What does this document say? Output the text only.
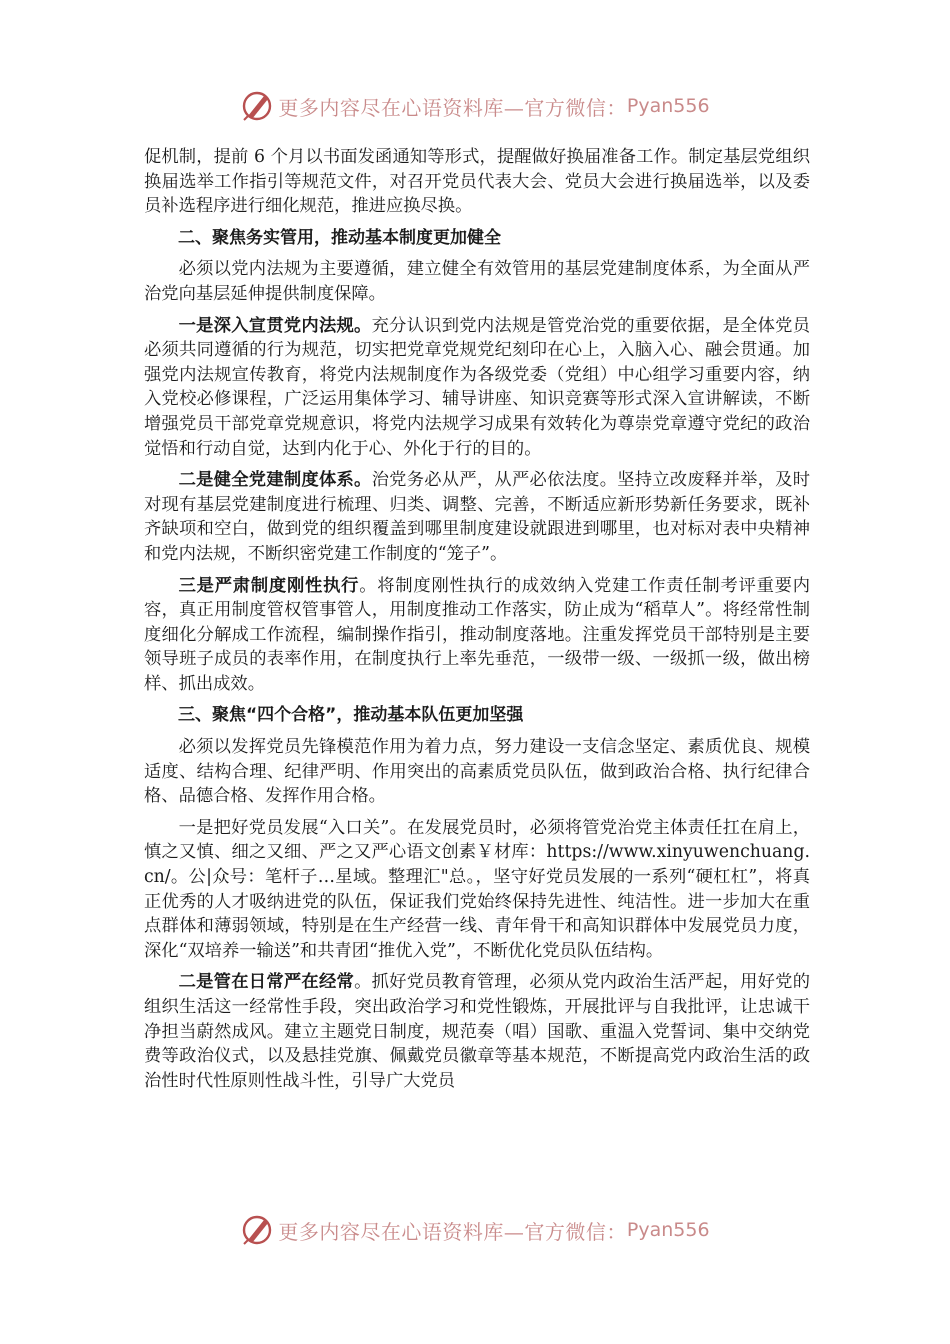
更多内容尽在心语资料库—官方微信： Pyan556

促机制，提前 6 个月以书面发函通知等形式，提醒做好换届准备工作。制定基层党组织换届选举工作指引等规范文件，对召开党员代表大会、党员大会进行换届选举，以及委员补选程序进行细化规范，推进应换尽换。

二、聚焦务实管用，推动基本制度更加健全

必须以党内法规为主要遵循，建立健全有效管用的基层党建制度体系，为全面从严治党向基层延伸提供制度保障。

一是深入宣贯党内法规。充分认识到党内法规是管党治党的重要依据，是全体党员必须共同遵循的行为规范，切实把党章党规党纪刻印在心上，入脑入心、融会贯通。加强党内法规宣传教育，将党内法规制度作为各级党委（党组）中心组学习重要内容，纳入党校必修课程，广泛运用集体学习、辅导讲座、知识竞赛等形式深入宣讲解读，不断增强党员干部党章党规意识，将党内法规学习成果有效转化为尊崇党章遵守党纪的政治觉悟和行动自觉，达到内化于心、外化于行的目的。

二是健全党建制度体系。治党务必从严，从严必依法度。坚持立改废释并举，及时对现有基层党建制度进行梳理、归类、调整、完善，不断适应新形势新任务要求，既补齐缺项和空白，做到党的组织覆盖到哪里制度建设就跟进到哪里，也对标对表中央精神和党内法规，不断织密党建工作制度的“笼子”。

三是严肃制度刚性执行。将制度刚性执行的成效纳入党建工作责任制考评重要内容，真正用制度管权管事管人，用制度推动工作落实，防止成为“稻草人”。将经常性制度细化分解成工作流程，编制操作指引，推动制度落地。注重发挥党员干部特别是主要领导班子成员的表率作用，在制度执行上率先垂范，一级带一级、一级抓一级，做出榜样、抓出成效。

三、聚焦“四个合格”，推动基本队伍更加坚强

必须以发挥党员先锋模范作用为着力点，努力建设一支信念坚定、素质优良、规模适度、结构合理、纪律严明、作用突出的高素质党员队伍，做到政治合格、执行纪律合格、品德合格、发挥作用合格。

一是把好党员发展“入口关”。在发展党员时，必须将管党治党主体责任扛在肩上，慎之又慎、细之又细、严之又严心语文创素￥材库：https://www.xinyuwenchuang.cn/。公|众号：笔杆子…星域。整理汇"总。，坚守好党员发展的一系列“硬杠杠”，将真正优秀的人才吸纳进党的队伍，保证我们党始终保持先进性、纯洁性。进一步加大在重点群体和薄弱领域，特别是在生产经营一线、青年骨干和高知识群体中发展党员力度，深化“双培养一输送”和共青团“推优入党”，不断优化党员队伍结构。

二是管在日常严在经常。抓好党员教育管理，必须从党内政治生活严起，用好党的组织生活这一经常性手段，突出政治学习和党性锻炼，开展批评与自我批评，让忠诚干净担当蔚然成风。建立主题党日制度，规范奏（唱）国歌、重温入党誓词、集中交纳党费等政治仪式，以及悬挂党旗、佩戴党员徽章等基本规范，不断提高党内政治生活的政治性时代性原则性战斗性，引导广大党员

更多内容尽在心语资料库—官方微信： Pyan556
